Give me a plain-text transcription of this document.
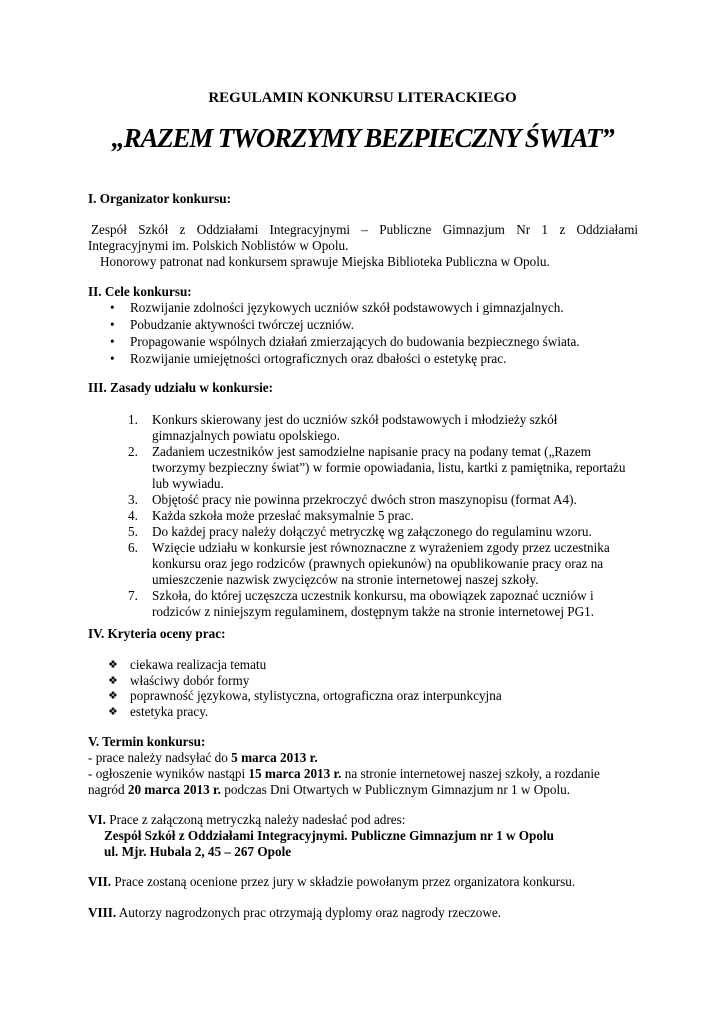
REGULAMIN KONKURSU LITERACKIEGO
„RAZEM TWORZYMY BEZPIECZNY ŚWIAT”
I. Organizator konkursu:
Zespół Szkół z Oddziałami Integracyjnymi – Publiczne Gimnazjum Nr 1 z Oddziałami
Integracyjnymi im. Polskich Noblistów w Opolu.
Honorowy patronat nad konkursem sprawuje Miejska Biblioteka Publiczna w Opolu.
II. Cele konkursu:
• Rozwijanie zdolności językowych uczniów szkół podstawowych i gimnazjalnych.
• Pobudzanie aktywności twórczej uczniów.
• Propagowanie wspólnych działań zmierzających do budowania bezpiecznego świata.
• Rozwijanie umiejętności ortograficznych oraz dbałości o estetykę prac.
III. Zasady udziału w konkursie:
1. Konkurs skierowany jest do uczniów szkół podstawowych i młodzieży szkół gimnazjalnych powiatu opolskiego.
2. Zadaniem uczestników jest samodzielne napisanie pracy na podany temat („Razem tworzymy bezpieczny świat”) w formie opowiadania, listu, kartki z pamiętnika, reportażu lub wywiadu.
3. Objętość pracy nie powinna przekroczyć dwóch stron maszynopisu (format A4).
4. Każda szkoła może przesłać maksymalnie 5 prac.
5. Do każdej pracy należy dołączyć metryczkę wg załączonego do regulaminu wzoru.
6. Wzięcie udziału w konkursie jest równoznaczne z wyrażeniem zgody przez uczestnika konkursu oraz jego rodziców (prawnych opiekunów) na opublikowanie pracy oraz na umieszczenie nazwisk zwycięzców na stronie internetowej naszej szkoły.
7. Szkoła, do której uczęszcza uczestnik konkursu, ma obowiązek zapoznać uczniów i rodziców z niniejszym regulaminem, dostępnym także na stronie internetowej PG1.
IV. Kryteria oceny prac:
❖ ciekawa realizacja tematu
❖ właściwy dobór formy
❖ poprawność językowa, stylistyczna, ortograficzna oraz interpunkcyjna
❖ estetyka pracy.
V. Termin konkursu:
- prace należy nadsyłać do 5 marca 2013 r.
- ogłoszenie wyników nastąpi 15 marca 2013 r. na stronie internetowej naszej szkoły, a rozdanie
nagród 20 marca 2013 r. podczas Dni Otwartych w Publicznym Gimnazjum nr 1 w Opolu.
VI. Prace z załączoną metryczką należy nadesłać pod adres:
Zespół Szkół z Oddziałami Integracyjnymi. Publiczne Gimnazjum nr 1 w Opolu
ul. Mjr. Hubala 2, 45 – 267 Opole
VII. Prace zostaną ocenione przez jury w składzie powołanym przez organizatora konkursu.
VIII. Autorzy nagrodzonych prac otrzymają dyplomy oraz nagrody rzeczowe.
